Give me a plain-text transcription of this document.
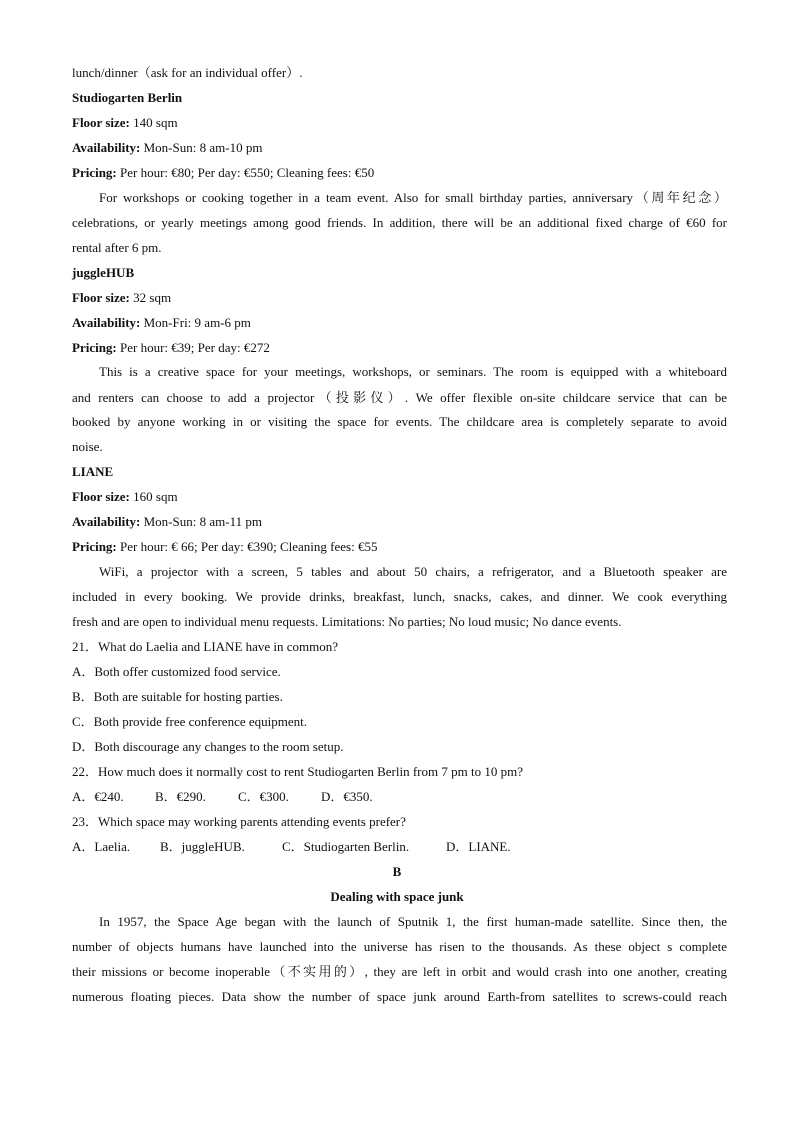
lunch/dinner（ask for an individual offer）.
Studiogarten Berlin
Floor size: 140 sqm
Availability: Mon-Sun: 8 am-10 pm
Pricing: Per hour: €80; Per day: €550; Cleaning fees: €50
For workshops or cooking together in a team event. Also for small birthday parties, anniversary（周年纪念）
celebrations, or yearly meetings among good friends. In addition, there will be an additional fixed charge of €60 for
rental after 6 pm.
juggleHUB
Floor size: 32 sqm
Availability: Mon-Fri: 9 am-6 pm
Pricing: Per hour: €39; Per day: €272
This is a creative space for your meetings, workshops, or seminars. The room is equipped with a whiteboard
and renters can choose to add a projector（投影仪）. We offer flexible on-site childcare service that can be
booked by anyone working in or visiting the space for events. The childcare area is completely separate to avoid
noise.
LIANE
Floor size: 160 sqm
Availability: Mon-Sun: 8 am-11 pm
Pricing: Per hour: € 66; Per day: €390; Cleaning fees: €55
WiFi, a projector with a screen, 5 tables and about 50 chairs, a refrigerator, and a Bluetooth speaker are
included in every booking. We provide drinks, breakfast, lunch, snacks, cakes, and dinner. We cook everything
fresh and are open to individual menu requests. Limitations: No parties; No loud music; No dance events.
21．What do Laelia and LIANE have in common?
A．Both offer customized food service.
B．Both are suitable for hosting parties.
C．Both provide free conference equipment.
D．Both discourage any changes to the room setup.
22．How much does it normally cost to rent Studiogarten Berlin from 7 pm to 10 pm?
A．€240. B．€290. C．€300. D．€350.
23．Which space may working parents attending events prefer?
A．Laelia. B．juggleHUB.	C．Studiogarten Berlin.	D．LIANE.
B
Dealing with space junk
In 1957, the Space Age began with the launch of Sputnik 1, the first human-made satellite. Since then, the
number of objects humans have launched into the universe has risen to the thousands. As these object s complete
their missions or become inoperable（不实用的）, they are left in orbit and would crash into one another, creating
numerous floating pieces. Data show the number of space junk around Earth-from satellites to screws-could reach
